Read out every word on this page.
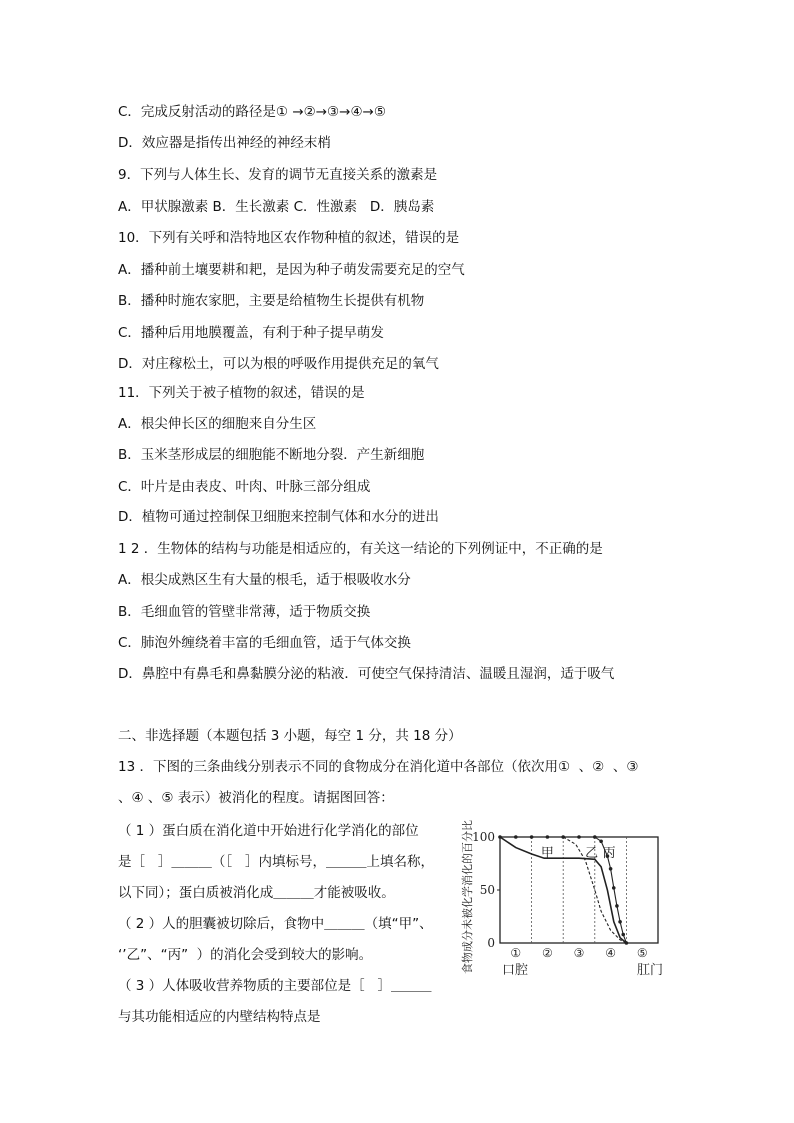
C．完成反射活动的路径是① →②→③→④→⑤
D．效应器是指传出神经的神经末梢
9．下列与人体生长、发育的调节无直接关系的激素是
A．甲状腺激素 B．生长激素 C．性激素   D．胰岛素
10．下列有关呼和浩特地区农作物种植的叙述，错误的是
A．播种前土壤要耕和耙，是因为种子萌发需要充足的空气
B．播种时施农家肥，主要是给植物生长提供有机物
C．播种后用地膜覆盖，有利于种子提早萌发
D．对庄稼松土，可以为根的呼吸作用提供充足的氧气
11．下列关于被子植物的叙述，错误的是
A．根尖伸长区的细胞来自分生区
B．玉米茎形成层的细胞能不断地分裂．产生新细胞
C．叶片是由表皮、叶肉、叶脉三部分组成
D．植物可通过控制保卫细胞来控制气体和水分的进出
1 2 ．生物体的结构与功能是相适应的，有关这一结论的下列例证中，不正确的是
A．根尖成熟区生有大量的根毛，适于根吸收水分
B．毛细血管的管壁非常薄，适于物质交换
C．肺泡外缠绕着丰富的毛细血管，适于气体交换
D．鼻腔中有鼻毛和鼻黏膜分泌的粘液．可使空气保持清洁、温暖且湿润，适于吸气
二、非选择题（本题包括 3 小题，每空 1 分，共 18 分）
13 ．下图的三条曲线分别表示不同的食物成分在消化道中各部位（依次用①  、②  、③
、④ 、⑤ 表示）被消化的程度。请据图回答：
（ 1 ）蛋白质在消化道中开始进行化学消化的部位
是［   ］＿＿＿（［   ］内填标号，＿＿＿上填名称，
以下同）；蛋白质被消化成＿＿＿才能被吸收。
（ 2 ）人的胆囊被切除后，食物中＿＿＿（填“甲”、
‘’乙”、“丙”  ）的消化会受到较大的影响。
（ 3 ）人体吸收营养物质的主要部位是［   ］＿＿＿
与其功能相适应的内壁结构特点是
食物成分未被化学消化的百分比
100
50
0
① ② ③ ④ ⑤
甲 乙 丙
口腔	肛门
